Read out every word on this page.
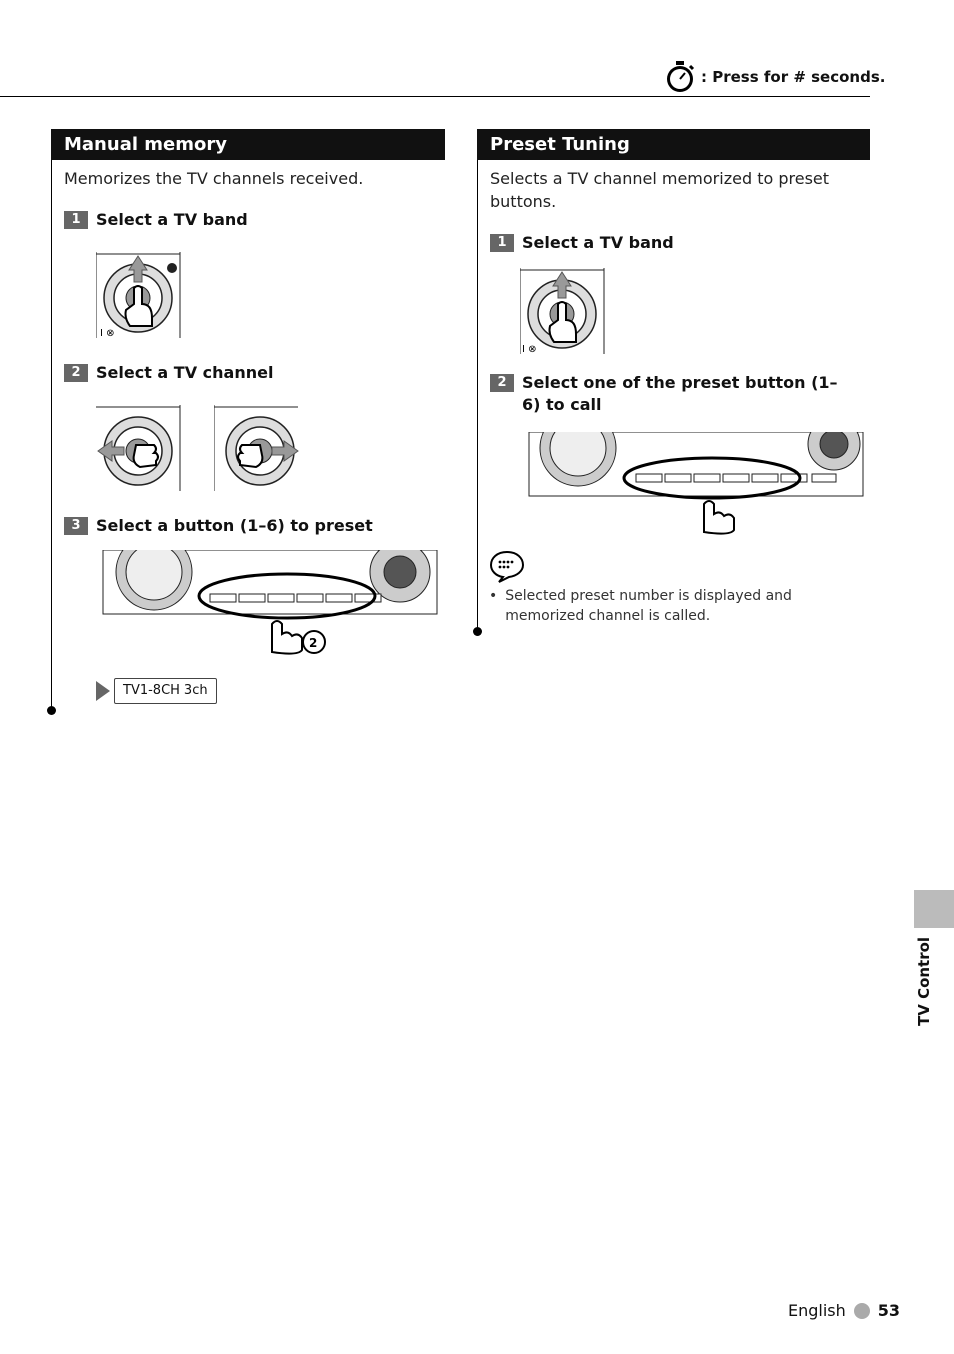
: Press for # seconds.
Manual memory
Memorizes the TV channels received.
1 Select a TV band
I ⊗
2 Select a TV channel
3 Select a button (1–6) to preset
2
TV1-8CH 3ch
Preset Tuning
Selects a TV channel memorized to preset buttons.
1 Select a TV band
I ⊗
2 Select one of the preset button (1–6) to call
• Selected preset number is displayed and memorized channel is called.
TV Control
English 53
